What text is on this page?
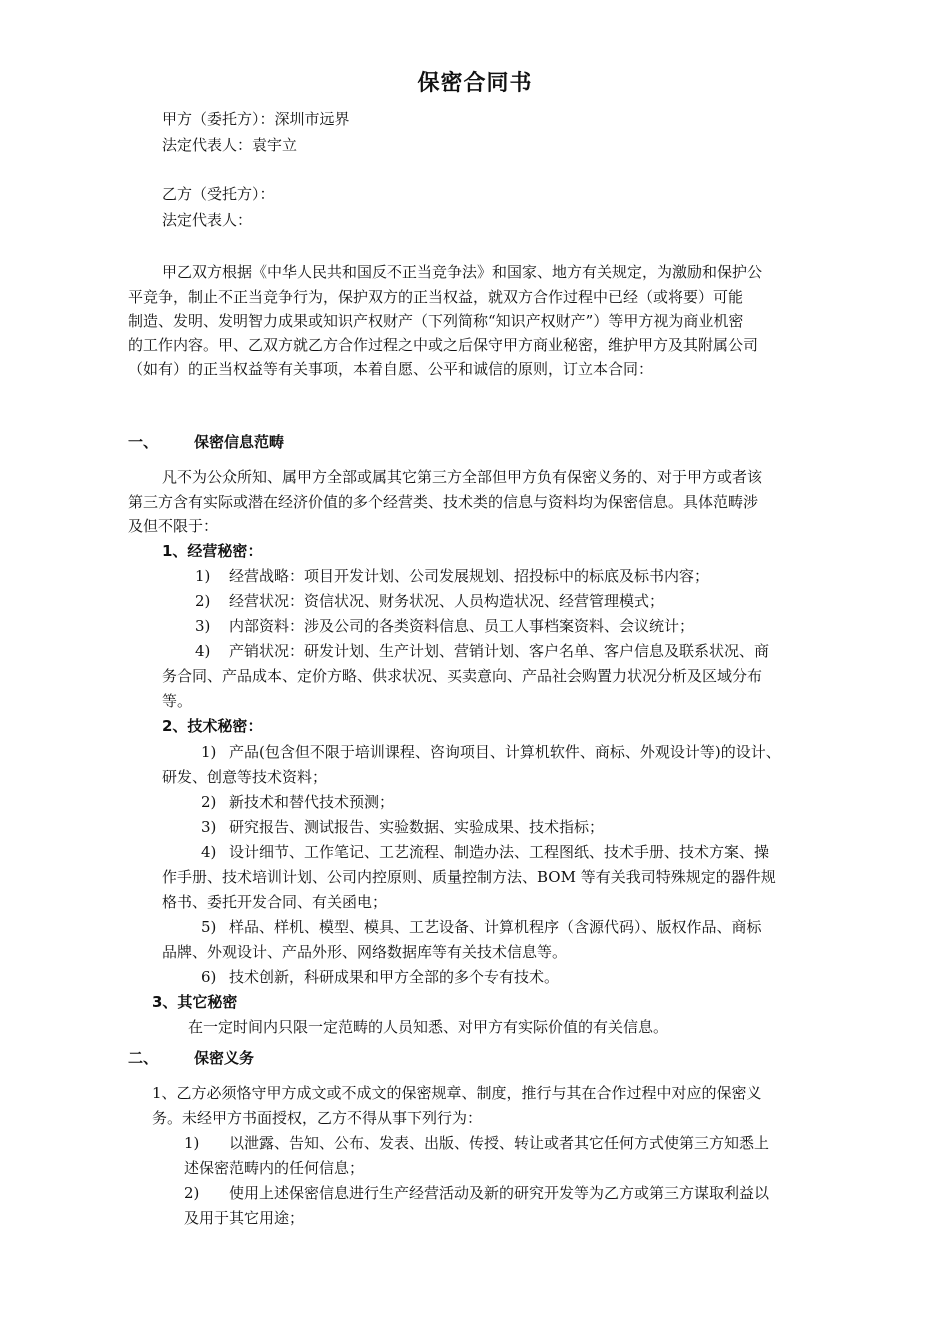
保密合同书
甲方（委托方）：深圳市远界
法定代表人：袁宇立
乙方（受托方）：
法定代表人：
甲乙双方根据《中华人民共和国反不正当竞争法》和国家、地方有关规定，为激励和保护公
平竞争，制止不正当竞争行为，保护双方的正当权益，就双方合作过程中已经（或将要）可能
制造、发明、发明智力成果或知识产权财产（下列简称“知识产权财产”）等甲方视为商业机密
的工作内容。甲、乙双方就乙方合作过程之中或之后保守甲方商业秘密，维护甲方及其附属公司
（如有）的正当权益等有关事项，本着自愿、公平和诚信的原则，订立本合同：
一、 保密信息范畴
凡不为公众所知、属甲方全部或属其它第三方全部但甲方负有保密义务的、对于甲方或者该
第三方含有实际或潜在经济价值的多个经营类、技术类的信息与资料均为保密信息。具体范畴涉
及但不限于：
1、经营秘密：
1) 经营战略：项目开发计划、公司发展规划、招投标中的标底及标书内容；
2) 经营状况：资信状况、财务状况、人员构造状况、经营管理模式；
3) 内部资料：涉及公司的各类资料信息、员工人事档案资料、会议统计；
4) 产销状况：研发计划、生产计划、营销计划、客户名单、客户信息及联系状况、商
务合同、产品成本、定价方略、供求状况、买卖意向、产品社会购置力状况分析及区域分布
等。
2、技术秘密：
1) 产品(包含但不限于培训课程、咨询项目、计算机软件、商标、外观设计等)的设计、
研发、创意等技术资料；
2) 新技术和替代技术预测；
3) 研究报告、测试报告、实验数据、实验成果、技术指标；
4) 设计细节、工作笔记、工艺流程、制造办法、工程图纸、技术手册、技术方案、操
作手册、技术培训计划、公司内控原则、质量控制方法、BOM 等有关我司特殊规定的器件规
格书、委托开发合同、有关函电；
5) 样品、样机、模型、模具、工艺设备、计算机程序（含源代码）、版权作品、商标
品牌、外观设计、产品外形、网络数据库等有关技术信息等。
6) 技术创新，科研成果和甲方全部的多个专有技术。
3、其它秘密
在一定时间内只限一定范畴的人员知悉、对甲方有实际价值的有关信息。
二、 保密义务
1、乙方必须恪守甲方成文或不成文的保密规章、制度，推行与其在合作过程中对应的保密义
务。未经甲方书面授权，乙方不得从事下列行为：
1) 以泄露、告知、公布、发表、出版、传授、转让或者其它任何方式使第三方知悉上
述保密范畴内的任何信息；
2) 使用上述保密信息进行生产经营活动及新的研究开发等为乙方或第三方谋取利益以
及用于其它用途；
